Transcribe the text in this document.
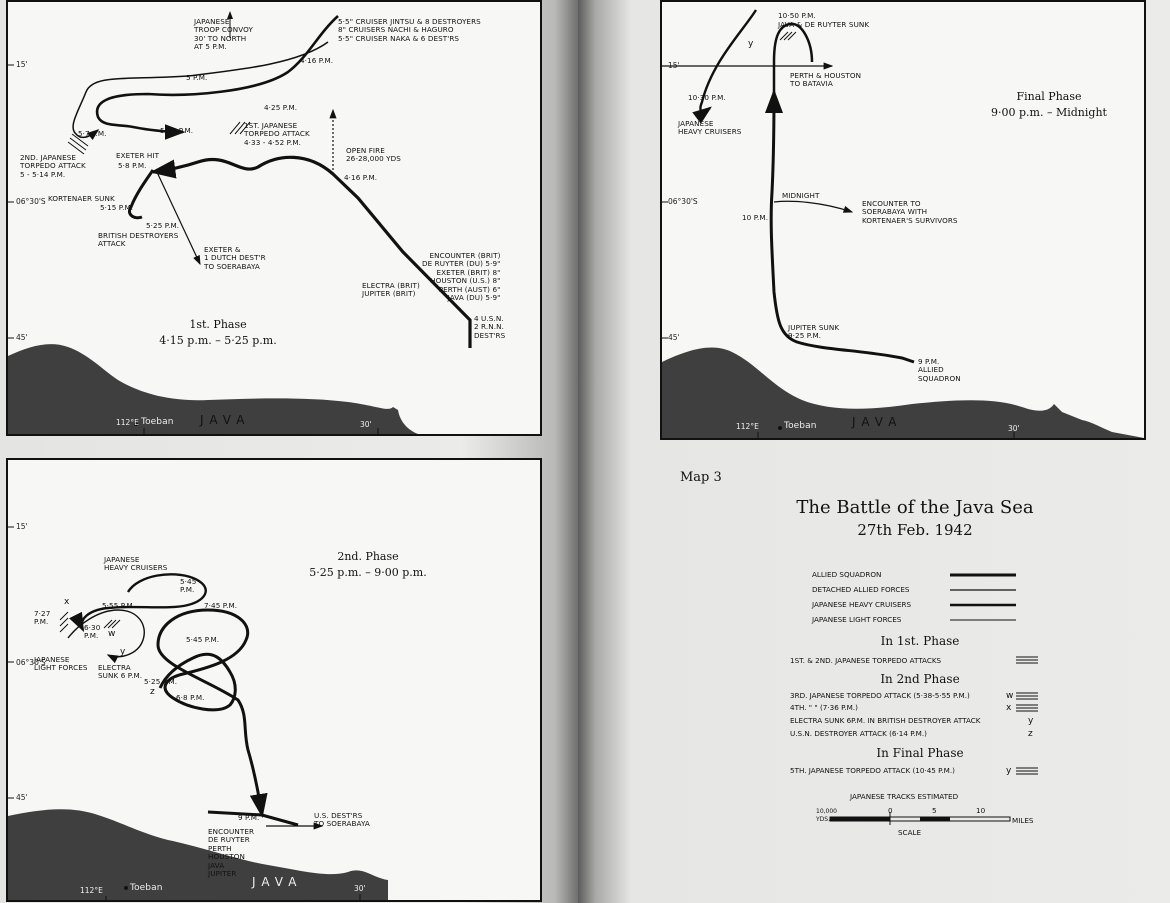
15'
06°30'S
45'
112°E	30'
Toeban JAVA
1st. Phase
4·15 p.m. – 5·25 p.m.
JAPANESE
TROOP CONVOY
30' TO NORTH
AT 5 P.M.
5·5" CRUISER JINTSU & 8 DESTROYERS
8" CRUISERS NACHI & HAGURO
5·5" CRUISER NAKA & 6 DEST'RS
4·16 P.M.
5 P.M.
4·25 P.M.
5·25 P.M.
5·7 P.M.
1ST. JAPANESE
TORPEDO ATTACK
4·33 - 4·52 P.M.
2ND. JAPANESE
TORPEDO ATTACK
5 - 5·14 P.M.
EXETER HIT
5·8 P.M.
KORTENAER SUNK
5·15 P.M.
5·25 P.M.
BRITISH DESTROYERS
ATTACK
OPEN FIRE
26-28,000 YDS
4·16 P.M.
EXETER &
1 DUTCH DEST'R
TO SOERABAYA
ENCOUNTER (BRIT)
DE RUYTER (DU) 5·9"
EXETER (BRIT) 8"
HOUSTON (U.S.) 8"
PERTH (AUST) 6"
JAVA (DU) 5·9"
ELECTRA (BRIT)
JUPITER (BRIT)
4 U.S.N.
2 R.N.N.
DEST'RS
15'
06°30'S
45'
112°E	30'
Toeban	JAVA
2nd. Phase
5·25 p.m. – 9·00 p.m.
JAPANESE
HEAVY CRUISERS
5·45
P.M.
7·45 P.M.
7·27
P.M.
x	5·55 P.M.
6·30
P.M. w
5·45 P.M.
JAPANESE
LIGHT FORCES
y
ELECTRA
SUNK 6 P.M.
5·25 P.M.
z
6·8 P.M.
9 P.M.	U.S. DEST'RS
TO SOERABAYA
ENCOUNTER
DE RUYTER
PERTH
HOUSTON
JAVA
JUPITER
15'
06°30'S
45'
112°E	30'
Toeban	JAVA
Final Phase
9·00 p.m. – Midnight
10·50 P.M.
JAVA & DE RUYTER SUNK
y
PERTH & HOUSTON
TO BATAVIA
10·30 P.M.
JAPANESE
HEAVY CRUISERS
MIDNIGHT
10 P.M.
ENCOUNTER TO
SOERABAYA WITH
KORTENAER'S SURVIVORS
JUPITER SUNK
9·25 P.M.
9 P.M.
ALLIED
SQUADRON
Map 3
The Battle of the Java Sea
27th Feb. 1942
ALLIED SQUADRON
DETACHED ALLIED FORCES
JAPANESE HEAVY CRUISERS
JAPANESE LIGHT FORCES
In 1st. Phase
1ST. & 2ND. JAPANESE TORPEDO ATTACKS
In 2nd Phase
3RD. JAPANESE TORPEDO ATTACK (5·38-5·55 P.M.)	w
4TH. " " (7·36 P.M.)	x
ELECTRA SUNK 6P.M. IN BRITISH DESTROYER ATTACK	y
U.S.N. DESTROYER ATTACK (6·14 P.M.)	z
In Final Phase
5TH. JAPANESE TORPEDO ATTACK (10·45 P.M.)	y
JAPANESE TRACKS ESTIMATED
10,000 YDS.
0	5	10
MILES
SCALE
